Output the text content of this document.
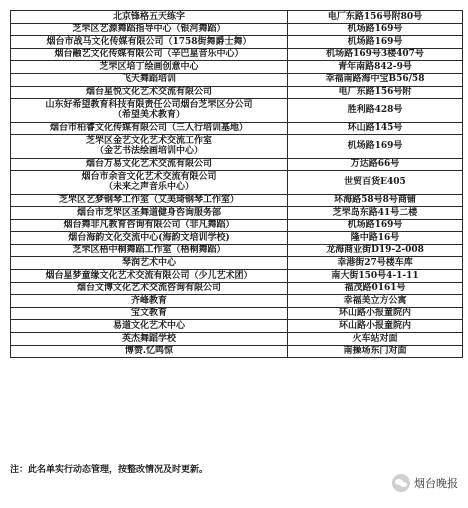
北京锋格五天练字	电厂东路156号附80号

芝罘区艺源舞蹈指导中心（银河舞蹈）	机场路169号

烟台市战马文化传媒有限公司（1758街舞爵士舞）	机场路169号

烟台融艺文化传媒有限公司（辛巴星音乐中心）	机场路169号3楼407号

芝罘区培丁绘画创意中心	青年南路842-9号

飞天舞蹈培训	幸福南路海中宝B56/58

烟台星悦文化艺术交流有限公司	电厂东路156号附

山东好希望教育科技有限责任公司烟台芝罘区分公司
（希望美术教育）	胜利路428号

烟台市柏睿文化传媒有限公司（三人行培训基地）	环山路145号

芝罘区金艺文化艺术交流工作室
（金艺书法绘画培训中心）	机场路169号

烟台万易文化艺术交流有限公司	万达路66号

烟台市余音文化艺术交流有限公司
（未来之声音乐中心）	世贸百货E405

芝罘区艺梦钢琴工作室（艾美琦钢琴工作室）	环海路58号8号商铺

烟台市芝罘区圣舞道健身咨询服务部	芝罘岛东路41号二楼

烟台舞非凡教育咨询有限公司（非凡舞蹈）	机场路169号

烟台海韵文化交流中心(海韵文培训学校)	隆中路16号

芝罘区梧中桐舞蹈工作室（梧桐舞蹈）	龙海商业街D19-2-008

琴润艺术中心	幸港街27号楼车库

烟台星梦童缘文化艺术交流有限公司（少儿艺术团）	南大街150号4-1-11

烟台文博文化艺术交流咨询有限公司	福茂路0161号

齐峰教育	幸福美立方公寓

宝文教育	环山路小报童院内

易道文化艺术中心	环山路小报童院内

英杰舞蹈学校	火车站对面

博赞.忆鸣惊	南操场东门对面
注：此名单实行动态管理，按整改情况及时更新。
烟台晚报
